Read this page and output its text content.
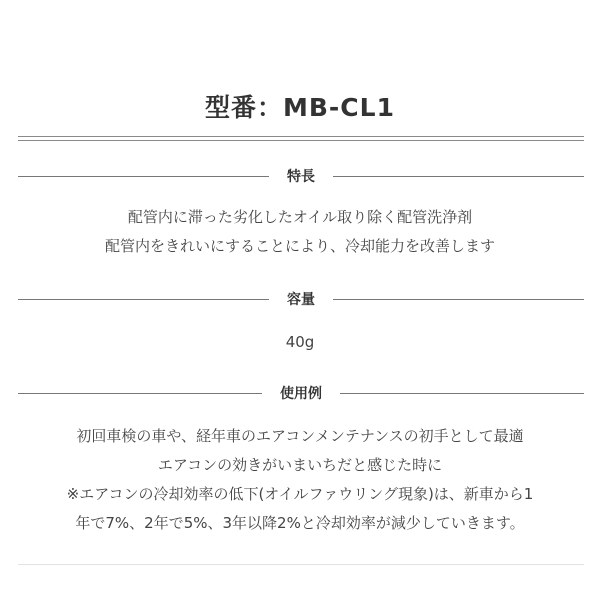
型番：MB-CL1
特長
配管内に滞った劣化したオイル取り除く配管洗浄剤
配管内をきれいにすることにより、冷却能力を改善します
容量
40g
使用例
初回車検の車や、経年車のエアコンメンテナンスの初手として最適
エアコンの効きがいまいちだと感じた時に
※エアコンの冷却効率の低下(オイルファウリング現象)は、新車から1
年で7%、2年で5%、3年以降2%と冷却効率が減少していきます。
